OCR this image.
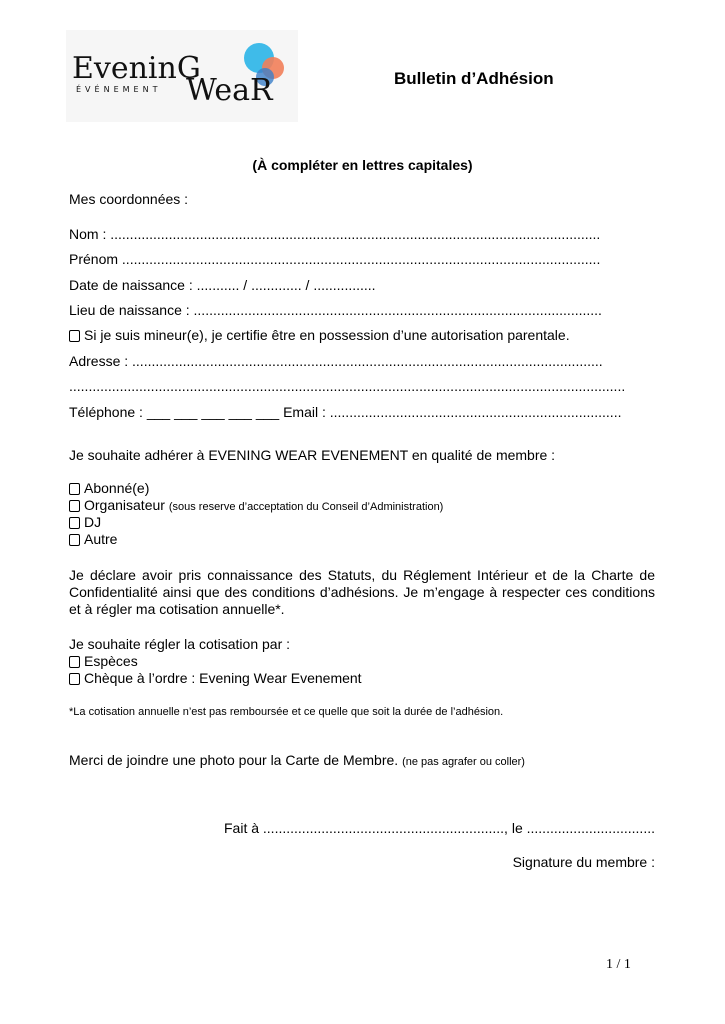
EveninG
ÉVÉNEMENT WeaR	Bulletin d’Adhésion
(À compléter en lettres capitales)
Mes coordonnées :
Nom : ..............................................................................................................................
Prénom ...........................................................................................................................
Date de naissance : ........... / ............. / ................
Lieu de naissance : .........................................................................................................
Si je suis mineur(e), je certifie être en possession d’une autorisation parentale.
Adresse : .........................................................................................................................
...............................................................................................................................................
Téléphone : ___ ___ ___ ___ ___ Email : ...........................................................................
Je souhaite adhérer à EVENING WEAR EVENEMENT en qualité de membre :
Abonné(e)
Organisateur (sous reserve d’acceptation du Conseil d’Administration)
DJ
Autre
Je déclare avoir pris connaissance des Statuts, du Réglement Intérieur et de la Charte de Confidentialité ainsi que des conditions d’adhésions. Je m’engage à respecter ces conditions et à régler ma cotisation annuelle*.
Je souhaite régler la cotisation par :
Espèces
Chèque à l’ordre : Evening Wear Evenement
*La cotisation annuelle n’est pas remboursée et ce quelle que soit la durée de l’adhésion.
Merci de joindre une photo pour la Carte de Membre. (ne pas agrafer ou coller)
Fait à .............................................................., le .................................
Signature du membre :
1 / 1
